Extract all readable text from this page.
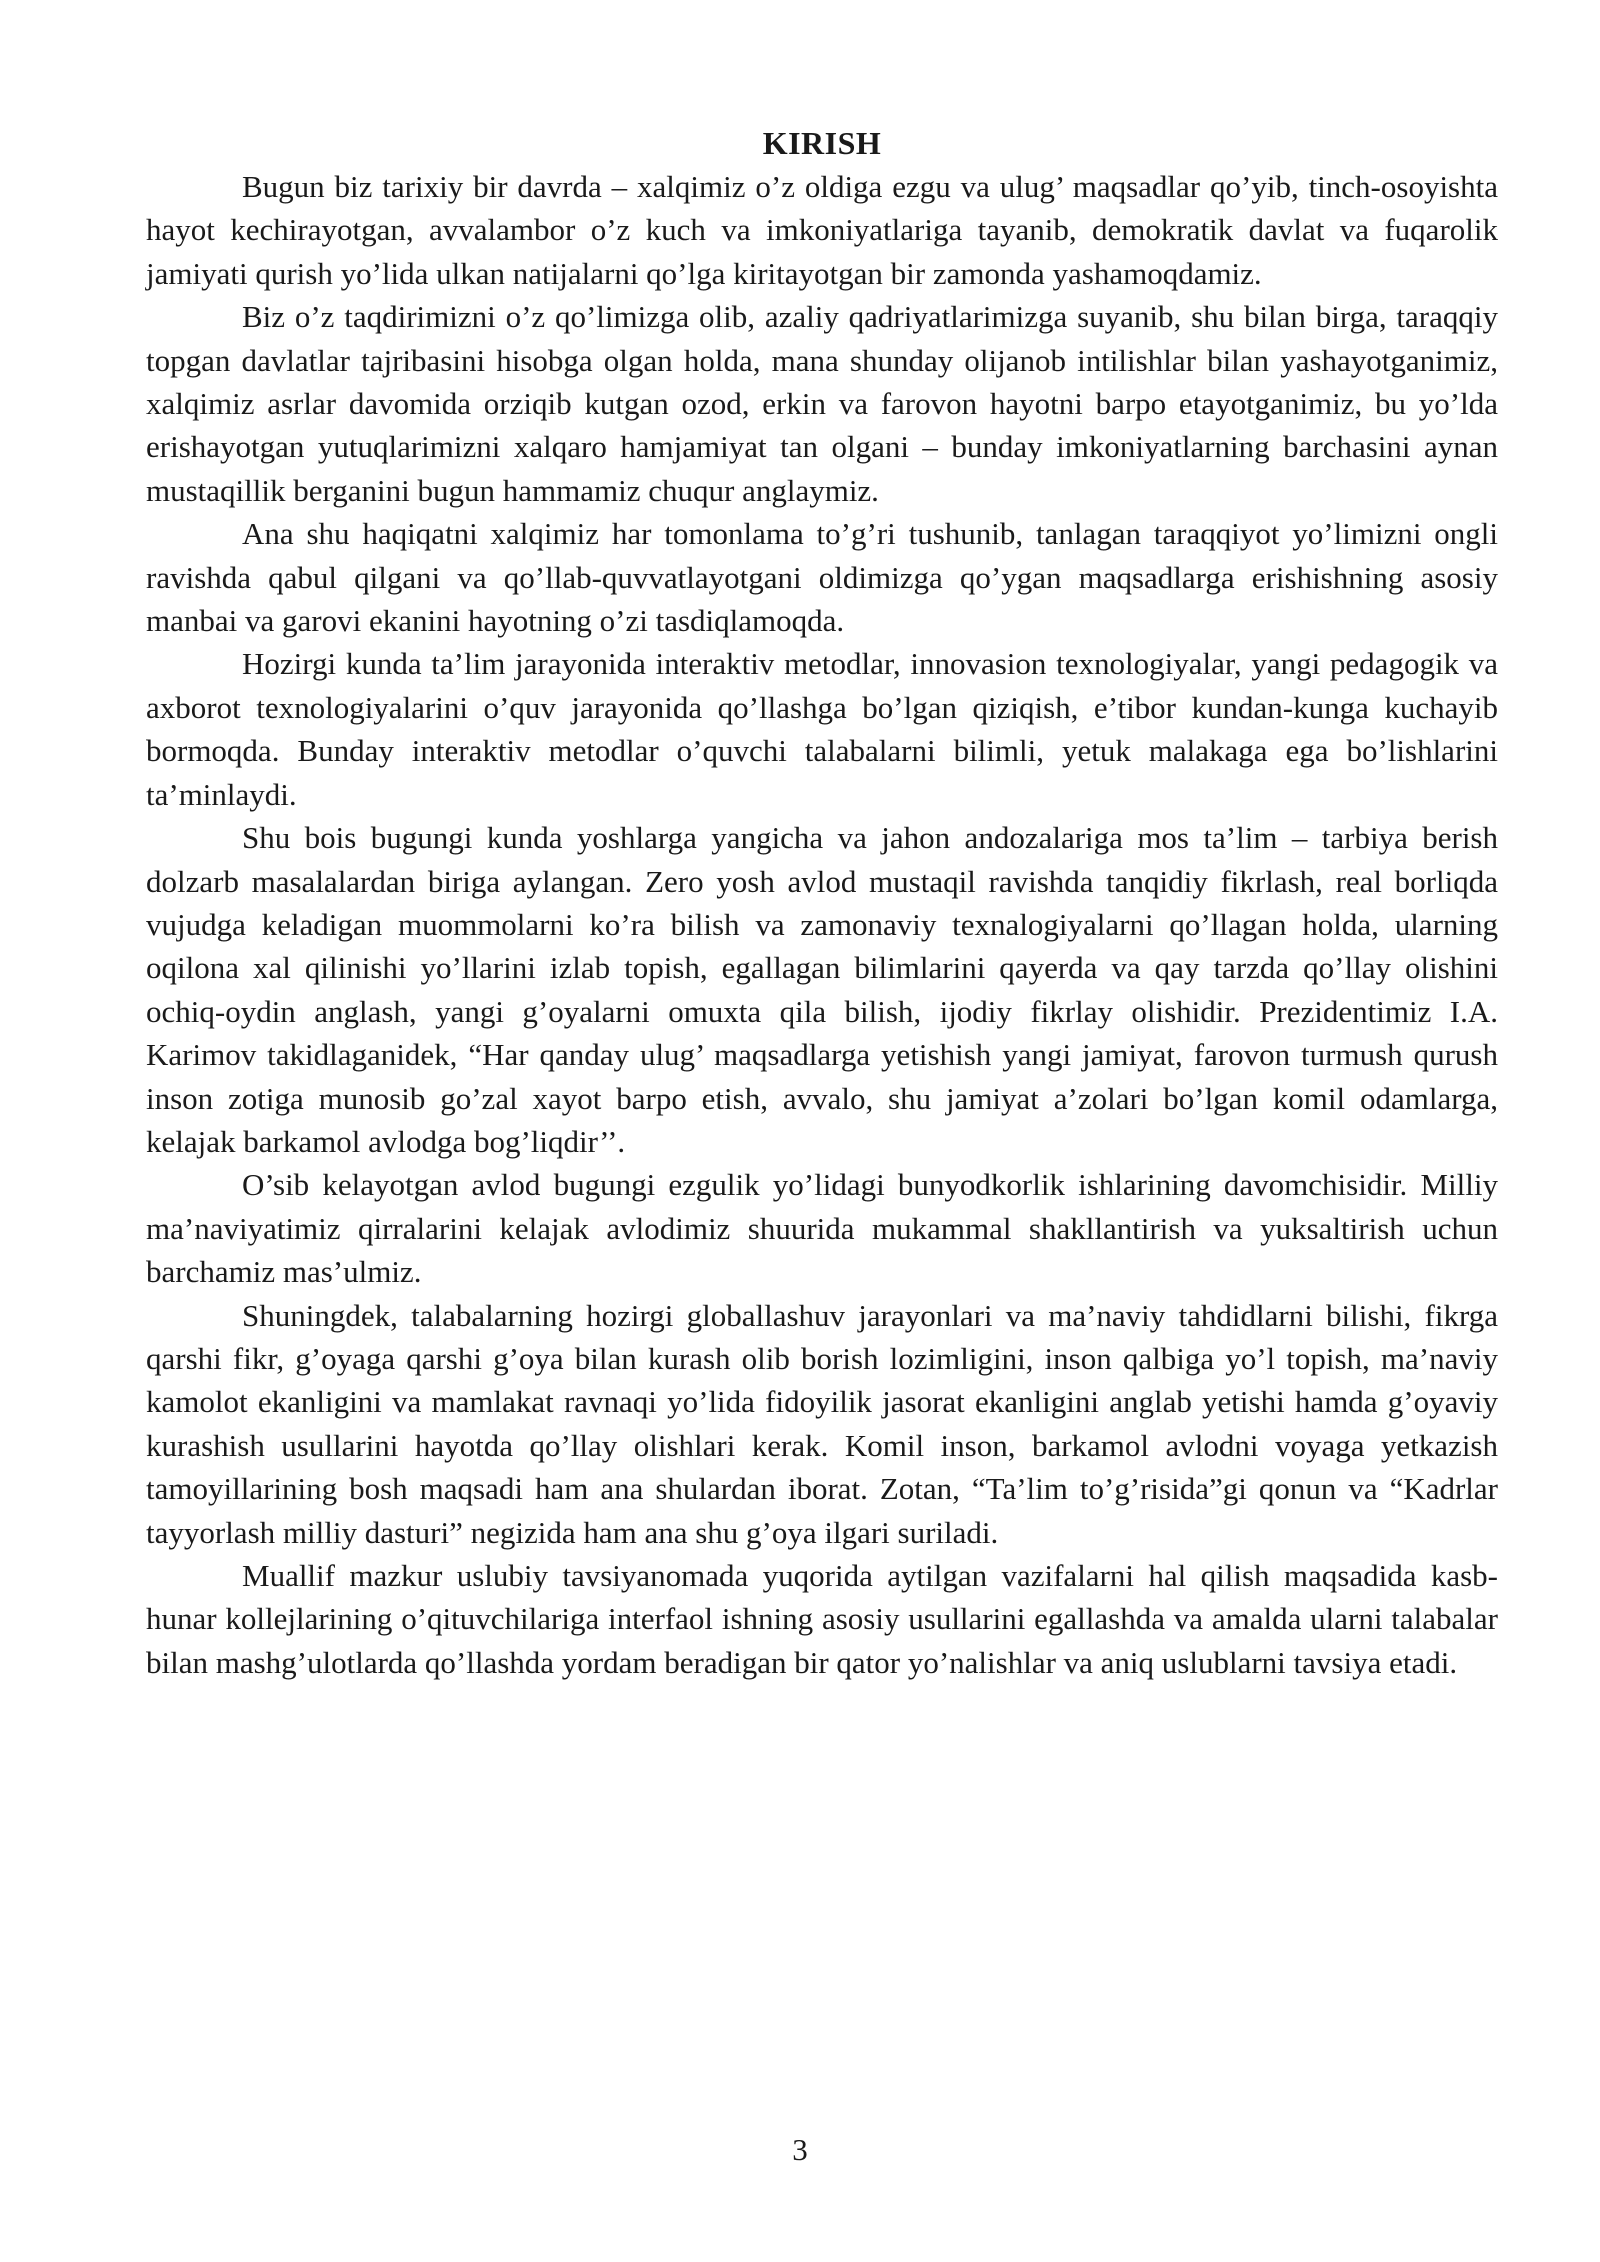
KIRISH

Bugun biz tarixiy bir davrda – xalqimiz o’z oldiga ezgu va ulug’ maqsadlar qo’yib, tinch-osoyishta hayot kechirayotgan, avvalambor o’z kuch va imkoniyatlariga tayanib, demokratik davlat va fuqarolik jamiyati qurish yo’lida ulkan natijalarni qo’lga kiritayotgan bir zamonda yashamoqdamiz.

Biz o’z taqdirimizni o’z qo’limizga olib, azaliy qadriyatlarimizga suyanib, shu bilan birga, taraqqiy topgan davlatlar tajribasini hisobga olgan holda, mana shunday olijanob intilishlar bilan yashayotganimiz, xalqimiz asrlar davomida orziqib kutgan ozod, erkin va farovon hayotni barpo etayotganimiz, bu yo’lda erishayotgan yutuqlarimizni xalqaro hamjamiyat tan olgani – bunday imkoniyatlarning barchasini aynan mustaqillik berganini bugun hammamiz chuqur anglaymiz.

Ana shu haqiqatni xalqimiz har tomonlama to’g’ri tushunib, tanlagan taraqqiyot yo’limizni ongli ravishda qabul qilgani va qo’llab-quvvatlayotgani oldimizga qo’ygan maqsadlarga erishishning asosiy manbai va garovi ekanini hayotning o’zi tasdiqlamoqda.

Hozirgi kunda ta’lim jarayonida interaktiv metodlar, innovasion texnologiyalar, yangi pedagogik va axborot texnologiyalarini o’quv jarayonida qo’llashga bo’lgan qiziqish, e’tibor kundan-kunga kuchayib bormoqda. Bunday interaktiv metodlar o’quvchi talabalarni bilimli, yetuk malakaga ega bo’lishlarini ta’minlaydi.

Shu bois bugungi kunda yoshlarga yangicha va jahon andozalariga mos ta’lim – tarbiya berish dolzarb masalalardan biriga aylangan. Zero yosh avlod mustaqil ravishda tanqidiy fikrlash, real borliqda vujudga keladigan muommolarni ko’ra bilish va zamonaviy texnalogiyalarni qo’llagan holda, ularning oqilona xal qilinishi yo’llarini izlab topish, egallagan bilimlarini qayerda va qay tarzda qo’llay olishini ochiq-oydin anglash, yangi g’oyalarni omuxta qila bilish, ijodiy fikrlay olishidir. Prezidentimiz I.A. Karimov takidlaganidek, “Har qanday ulug’ maqsadlarga yetishish yangi jamiyat, farovon turmush qurush inson zotiga munosib go’zal xayot barpo etish, avvalo, shu jamiyat a’zolari bo’lgan komil odamlarga, kelajak barkamol avlodga bog’liqdir’’.

O’sib kelayotgan avlod bugungi ezgulik yo’lidagi bunyodkorlik ishlarining davomchisidir. Milliy ma’naviyatimiz qirralarini kelajak avlodimiz shuurida mukammal shakllantirish va yuksaltirish uchun barchamiz mas’ulmiz.

Shuningdek, talabalarning hozirgi globallashuv jarayonlari va ma’naviy tahdidlarni bilishi, fikrga qarshi fikr, g’oyaga qarshi g’oya bilan kurash olib borish lozimligini, inson qalbiga yo’l topish, ma’naviy kamolot ekanligini va mamlakat ravnaqi yo’lida fidoyilik jasorat ekanligini anglab yetishi hamda g’oyaviy kurashish usullarini hayotda qo’llay olishlari kerak. Komil inson, barkamol avlodni voyaga yetkazish tamoyillarining bosh maqsadi ham ana shulardan iborat. Zotan, “Ta’lim to’g’risida”gi qonun va “Kadrlar tayyorlash milliy dasturi” negizida ham ana shu g’oya ilgari suriladi.

Muallif mazkur uslubiy tavsiyanomada yuqorida aytilgan vazifalarni hal qilish maqsadida kasb-hunar kollejlarining o’qituvchilariga interfaol ishning asosiy usullarini egallashda va amalda ularni talabalar bilan mashg’ulotlarda qo’llashda yordam beradigan bir qator yo’nalishlar va aniq uslublarni tavsiya etadi.

3
